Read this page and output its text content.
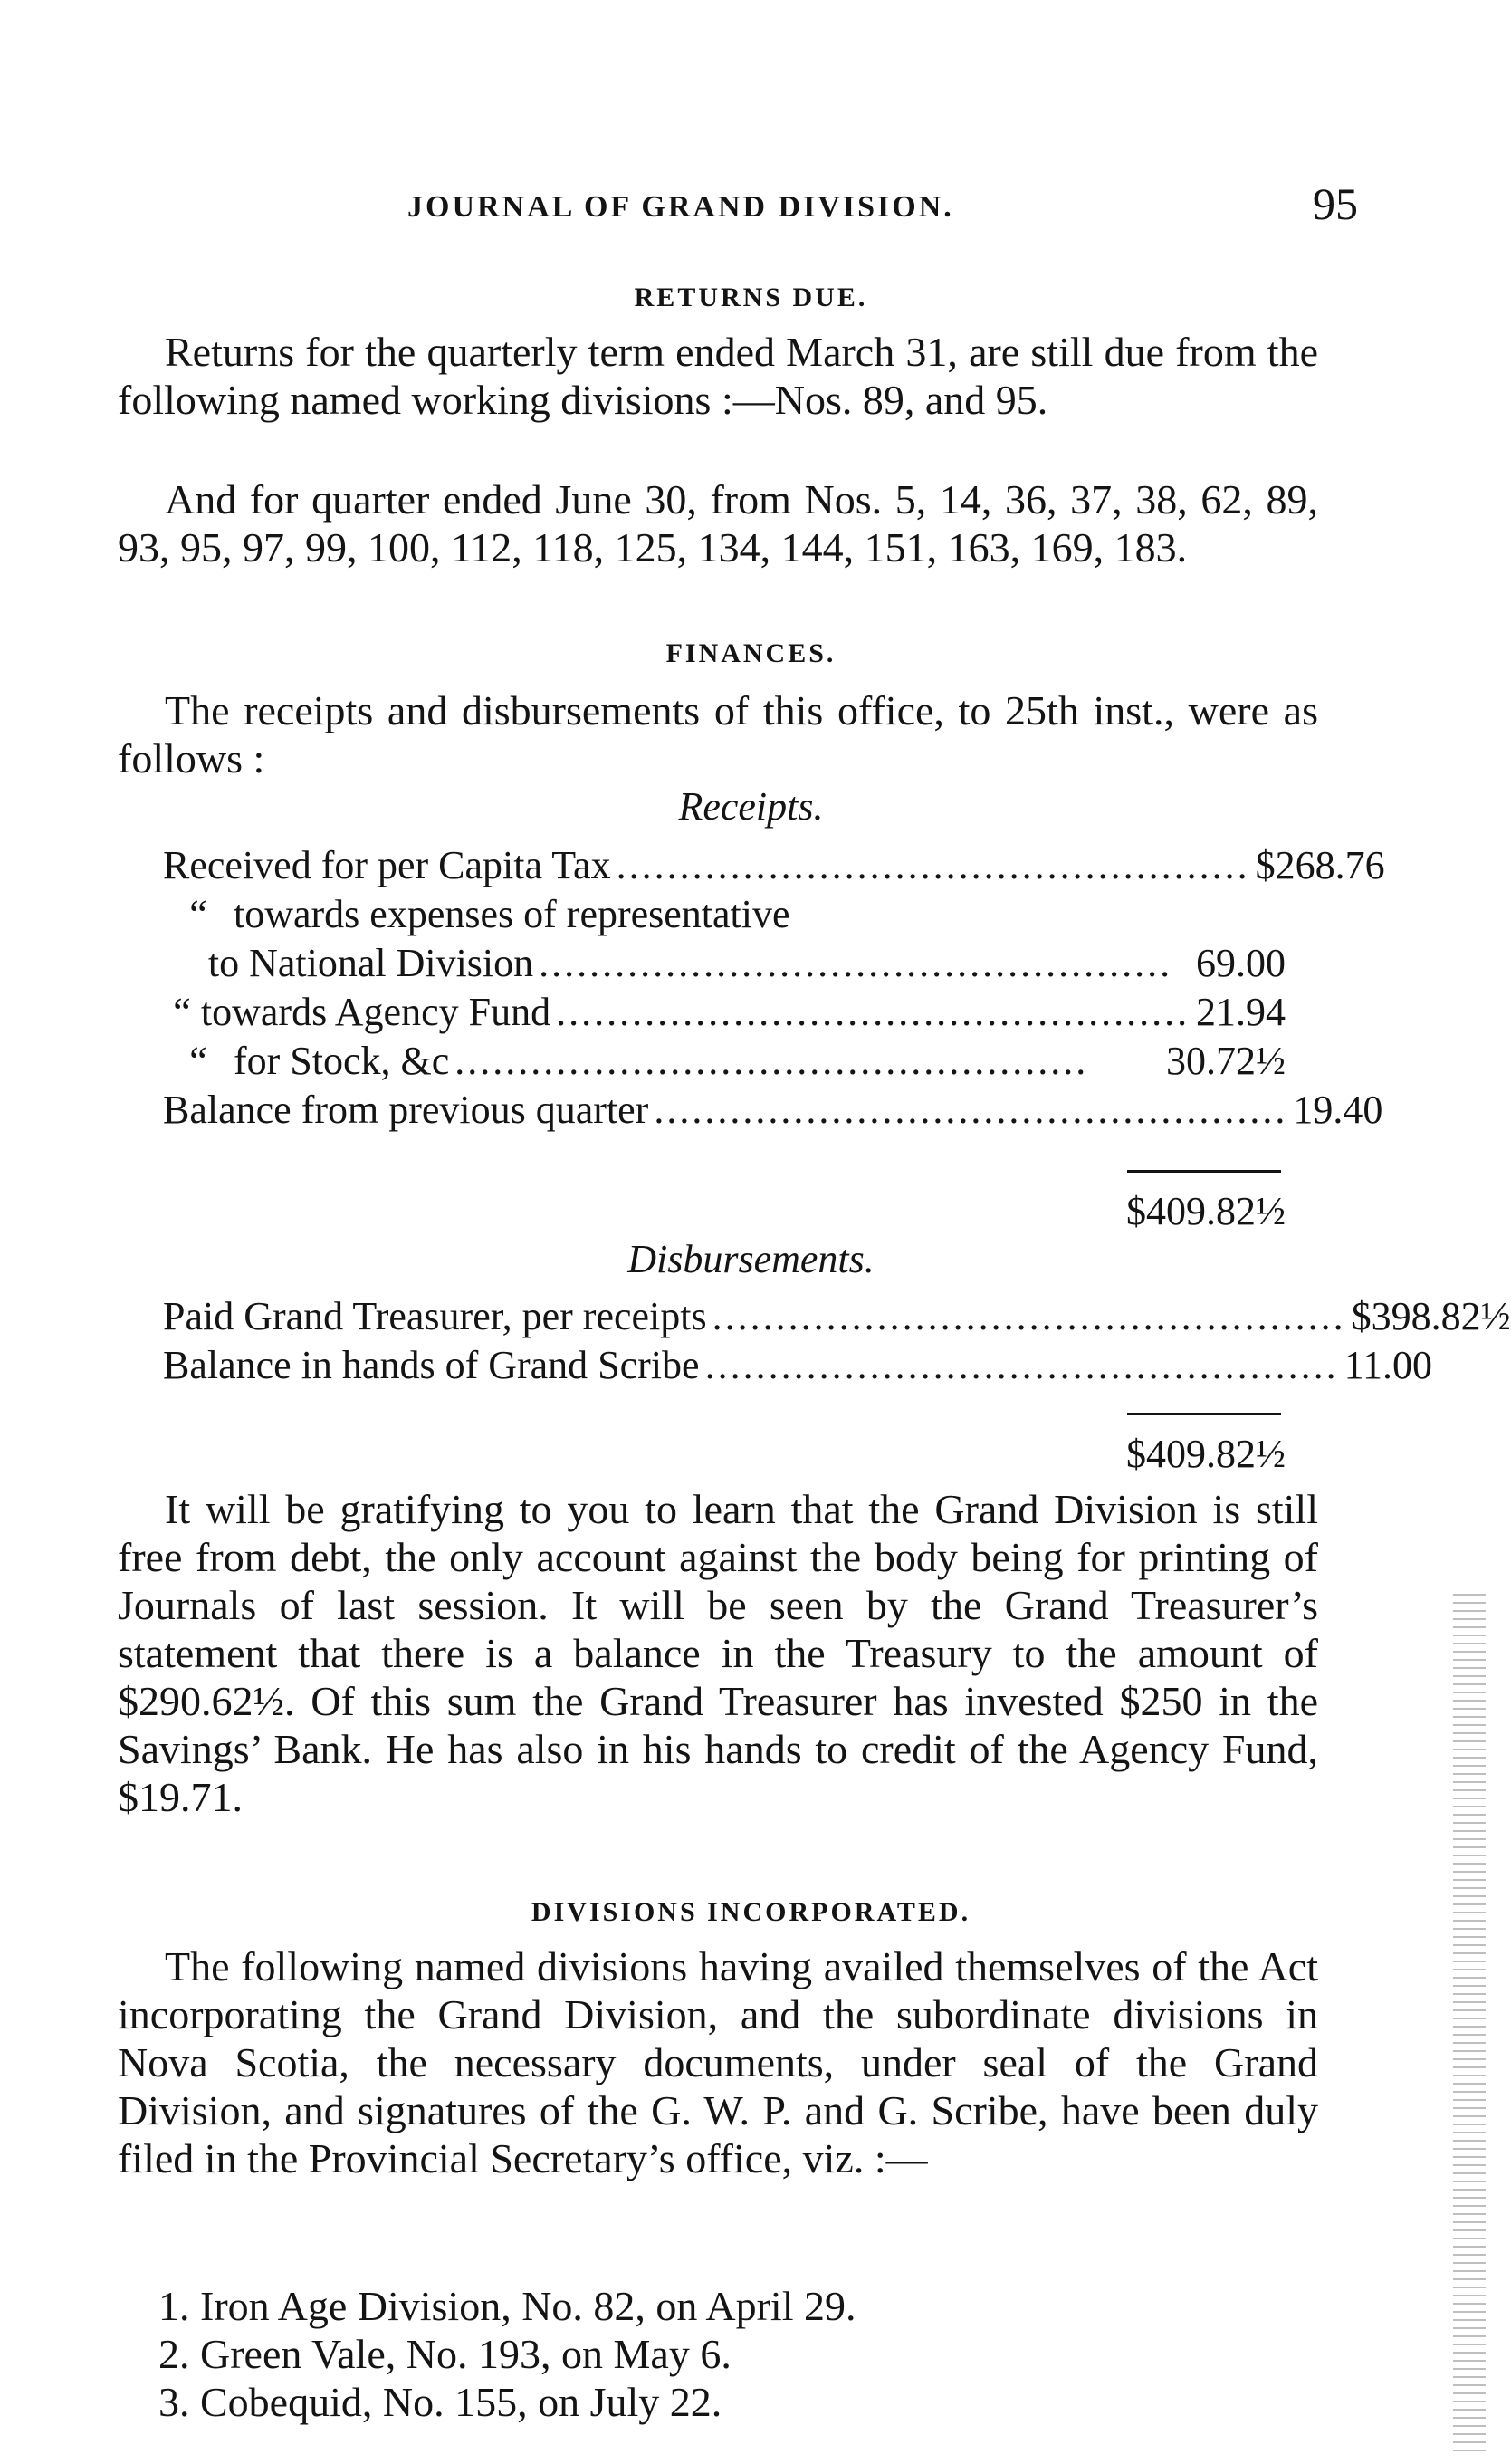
JOURNAL OF GRAND DIVISION.	95
RETURNS DUE.

Returns for the quarterly term ended March 31, are still due from the following named working divisions :—Nos. 89, and 95.

And for quarter ended June 30, from Nos. 5, 14, 36, 37, 38, 62, 89, 93, 95, 97, 99, 100, 112, 118, 125, 134, 144, 151, 163, 169, 183.

FINANCES.

The receipts and disbursements of this office, to 25th inst., were as follows :

Receipts.
Received for per Capita Tax .................................................. $268.76
“ towards expenses of representative
to National Division .................................................. 69.00
“ towards Agency Fund .................................................. 21.94
“ for Stock, &c ..................................................	30.72½
Balance from previous quarter .................................................. 19.40
$409.82½
Disbursements.
Paid Grand Treasurer, per receipts .................................................. $398.82½
Balance in hands of Grand Scribe .................................................. 11.00
$409.82½

It will be gratifying to you to learn that the Grand Division is still free from debt, the only account against the body being for printing of Journals of last session. It will be seen by the Grand Treasurer’s statement that there is a balance in the Treasury to the amount of $290.62½. Of this sum the Grand Treasurer has invested $250 in the Savings’ Bank. He has also in his hands to credit of the Agency Fund, $19.71.

DIVISIONS INCORPORATED.

The following named divisions having availed themselves of the Act incorporating the Grand Division, and the subordinate divisions in Nova Scotia, the necessary documents, under seal of the Grand Division, and signatures of the G. W. P. and G. Scribe, have been duly filed in the Provincial Secretary’s office, viz. :—

1. Iron Age Division, No. 82, on April 29.
2. Green Vale, No. 193, on May 6.
3. Cobequid, No. 155, on July 22.
